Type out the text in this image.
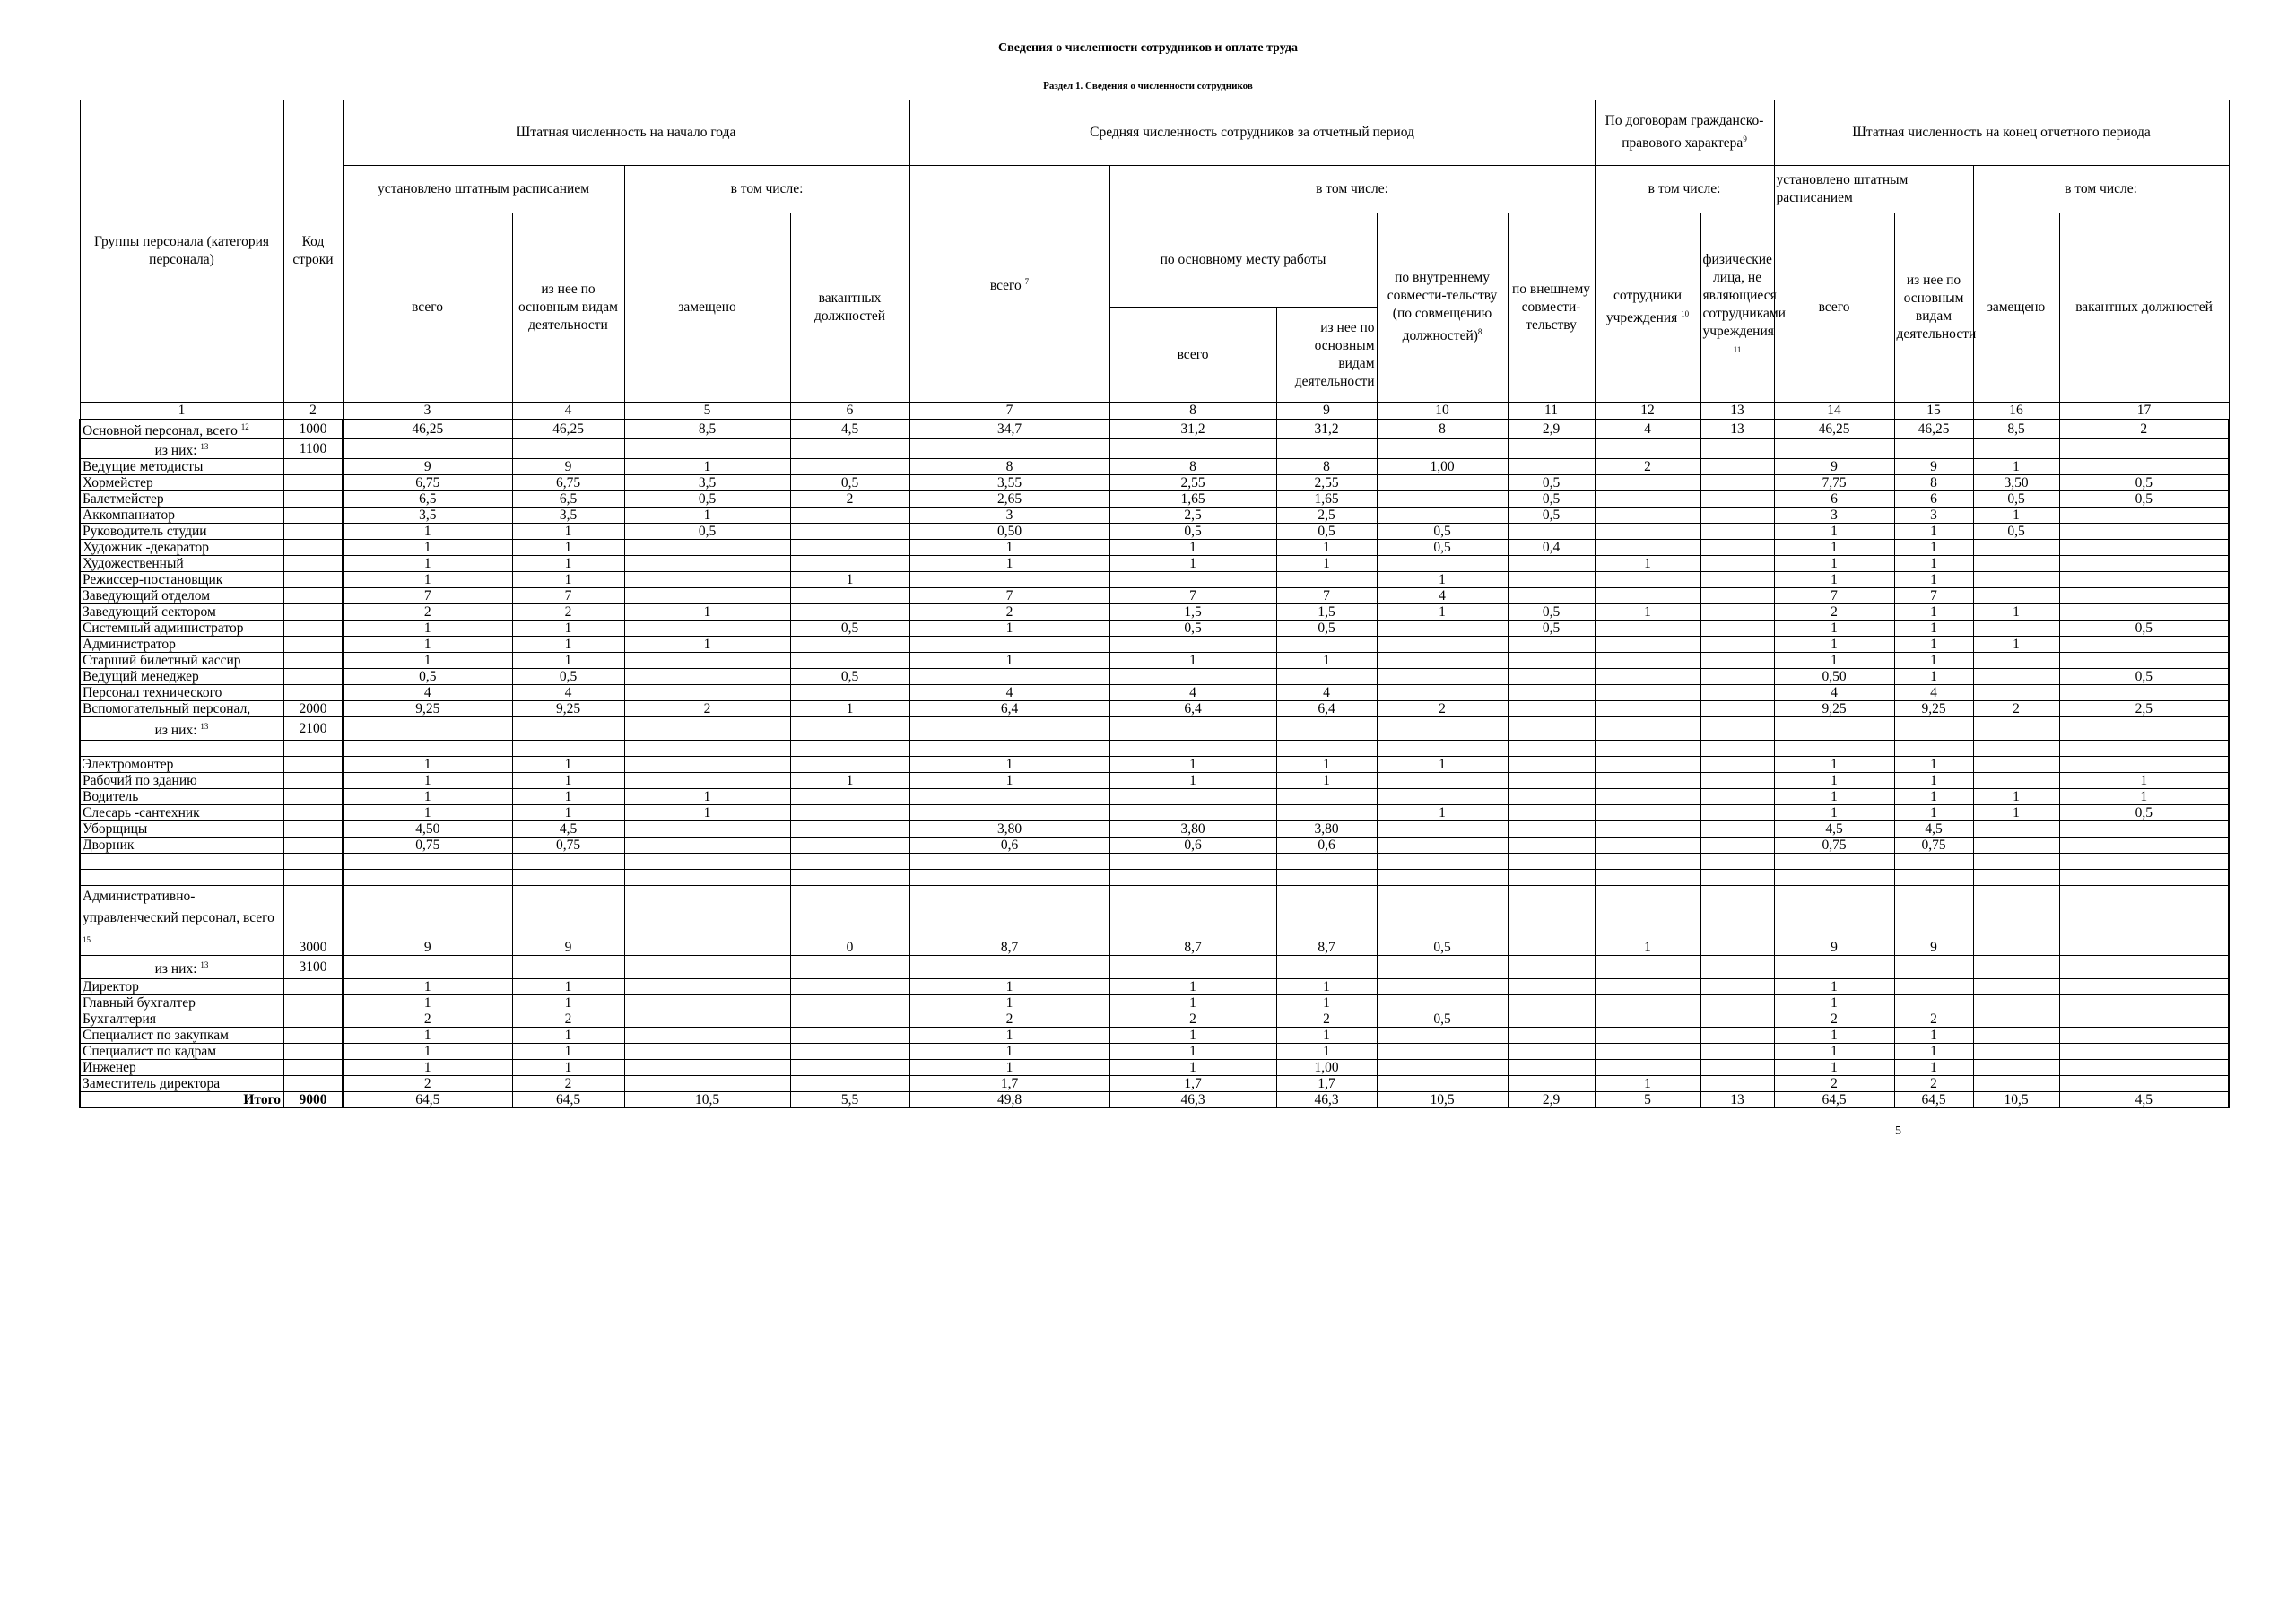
Сведения о численности сотрудников и оплате труда
Раздел 1. Сведения о численности сотрудников
Группы персонала (категория персонала)	Код строки	Штатная численность на начало года				Средняя численность сотрудников за отчетный период					По договорам гражданско-правового характера$^9$		Штатная численность на конец отчетного периода			
		установлено штатным расписанием		в том числе:		всего $^7$	в том числе:				в том числе:		установлено штатным расписанием		в том числе:	
		всего	из нее по основным видам деятельности	замещено	вакантных должностей		по основному месту работы		по внутреннему совмести-тельству (по совмещению должностей)$^8$	по внешнему совмести-тельству	сотрудники учреждения $^{10}$	физические лица, не являющиеся сотрудниками учреждения $^{11}$	всего	из нее по основным видам деятельности	замещено	вакантных должностей
							всего	из нее по основным видам деятельности								
1	2	3	4	5	6	7	8	9	10	11	12	13	14	15	16	17
Основной персонал, всего $^{12}$	1000	46,25	46,25	8,5	4,5	34,7	31,2	31,2	8	2,9	4	13	46,25	46,25	8,5	2
из них: $^{13}$	1100															
Ведущие методисты		9	9	1		8	8	8	1,00		2		9	9	1	
Хормейстер		6,75	6,75	3,5	0,5	3,55	2,55	2,55		0,5			7,75	8	3,50	0,5
Балетмейстер		6,5	6,5	0,5	2	2,65	1,65	1,65		0,5			6	6	0,5	0,5
Аккомпаниатор		3,5	3,5	1		3	2,5	2,5		0,5			3	3	1	
Руководитель студии		1	1	0,5		0,50	0,5	0,5	0,5				1	1	0,5	
Художник -декаратор		1	1			1	1	1	0,5	0,4			1	1		
Художественный		1	1			1	1	1			1		1	1		
Режиссер-постановщик		1	1		1				1				1	1		
Заведующий отделом		7	7			7	7	7	4				7	7		
Заведующий сектором		2	2	1		2	1,5	1,5	1	0,5	1		2	1	1	
Системный администратор		1	1		0,5	1	0,5	0,5		0,5			1	1		0,5
Администратор		1	1	1									1	1	1	
Старший билетный кассир		1	1			1	1	1					1	1		
Ведущий менеджер		0,5	0,5		0,5								0,50	1		0,5
Персонал технического		4	4			4	4	4					4	4		
Вспомогательный персонал,	2000	9,25	9,25	2	1	6,4	6,4	6,4	2				9,25	9,25	2	2,5
из них: $^{13}$	2100															

Электромонтер		1	1			1	1	1	1				1	1		
Рабочий по зданию		1	1		1	1	1	1					1	1		1
Водитель		1	1	1									1	1	1	1
Слесарь -сантехник		1	1	1					1				1	1	1	0,5
Уборщицы		4,50	4,5			3,80	3,80	3,80					4,5	4,5		
Дворник		0,75	0,75			0,6	0,6	0,6					0,75	0,75		

Административно-управленческий персонал, всего $^{15}$	3000	9	9		0	8,7	8,7	8,7	0,5		1		9	9		
из них: $^{13}$	3100															
Директор		1	1			1	1	1					1			
Главный бухгалтер		1	1			1	1	1					1			
Бухгалтерия		2	2			2	2	2	0,5				2	2		
Специалист по закупкам		1	1			1	1	1					1	1		
Специалист по кадрам		1	1			1	1	1					1	1		
Инженер		1	1			1	1	1,00					1	1		
Заместитель директора		2	2			1,7	1,7	1,7			1		2	2		
Итого	9000	64,5	64,5	10,5	5,5	49,8	46,3	46,3	10,5	2,9	5	13	64,5	64,5	10,5	4,5
5
